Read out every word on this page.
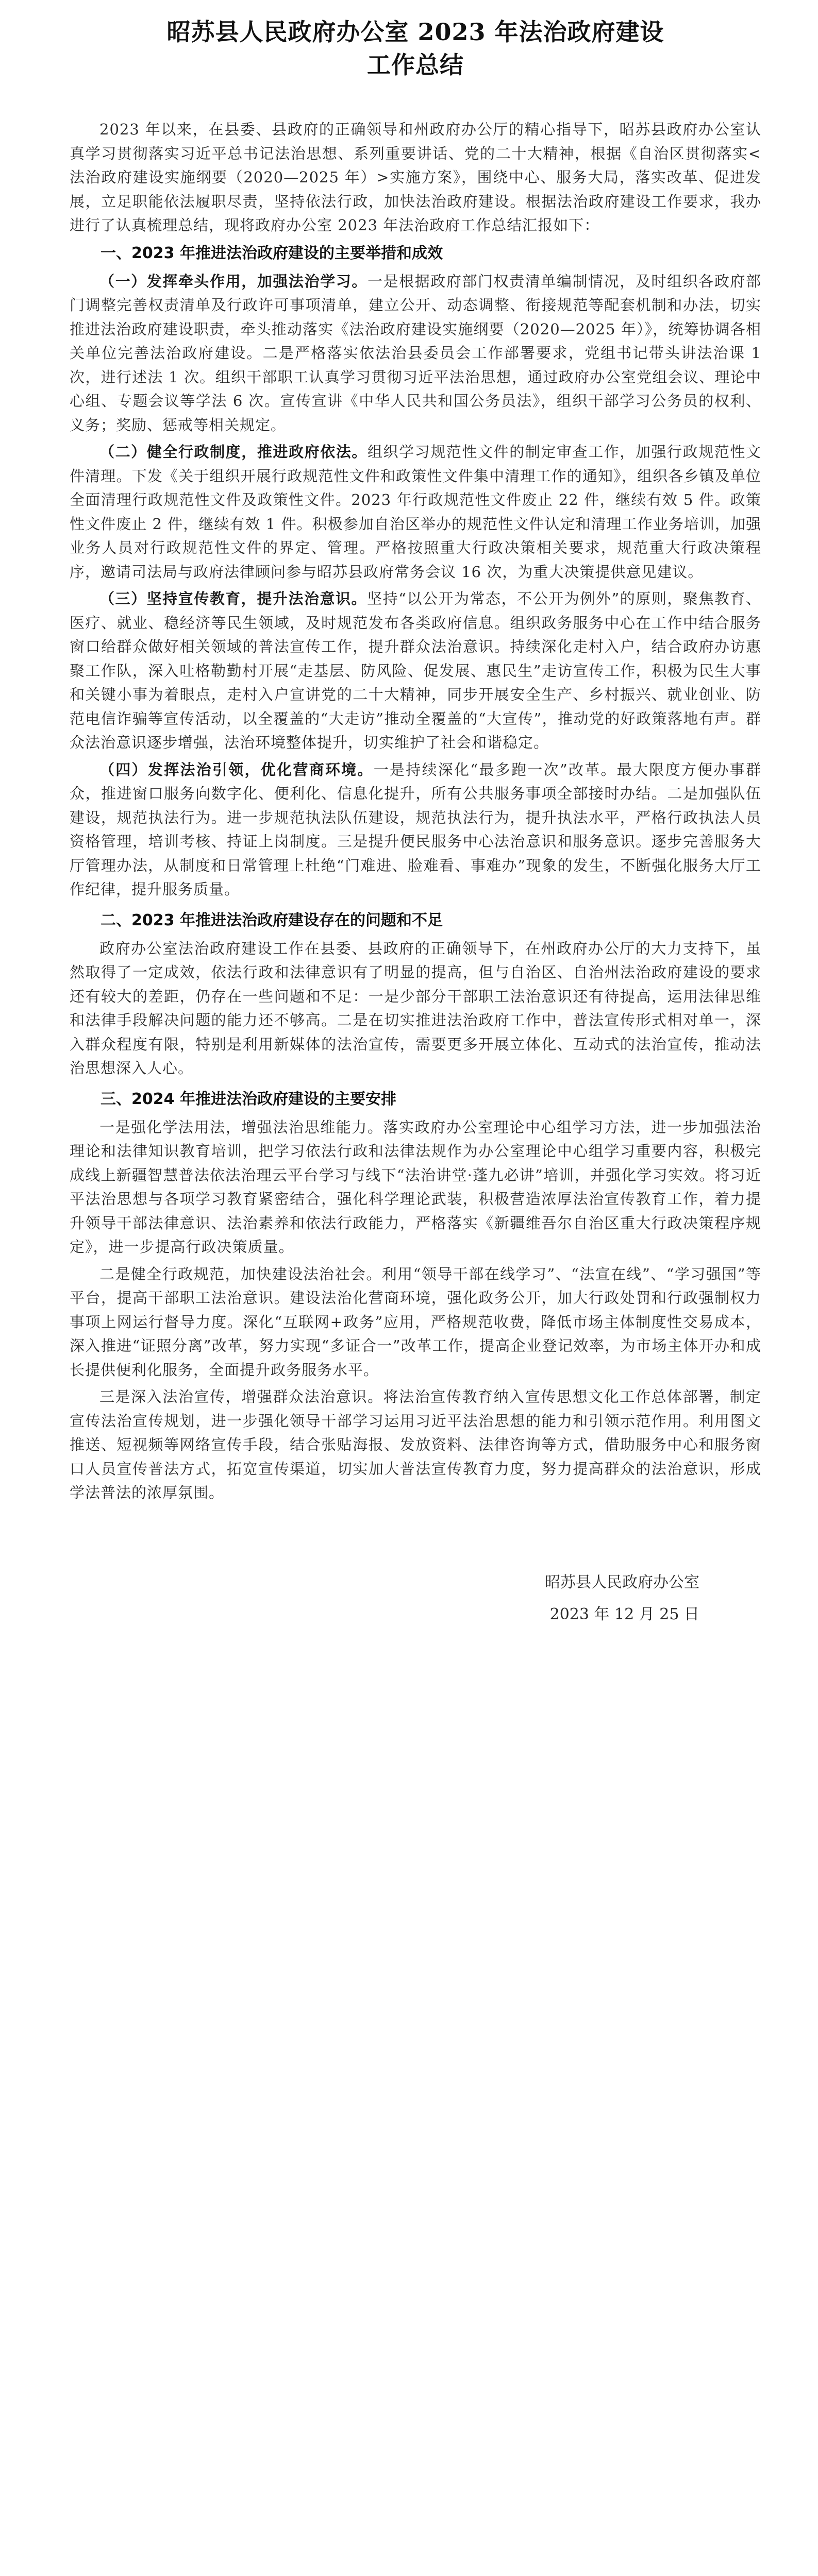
昭苏县人民政府办公室 2023 年法治政府建设
工作总结

2023 年以来，在县委、县政府的正确领导和州政府办公厅的精心指导下，昭苏县政府办公室认真学习贯彻落实习近平总书记法治思想、系列重要讲话、党的二十大精神，根据《自治区贯彻落实<法治政府建设实施纲要（2020—2025 年）>实施方案》，围绕中心、服务大局，落实改革、促进发展，立足职能依法履职尽责，坚持依法行政，加快法治政府建设。根据法治政府建设工作要求，我办进行了认真梳理总结，现将政府办公室 2023 年法治政府工作总结汇报如下：

一、2023 年推进法治政府建设的主要举措和成效

（一）发挥牵头作用，加强法治学习。一是根据政府部门权责清单编制情况，及时组织各政府部门调整完善权责清单及行政许可事项清单，建立公开、动态调整、衔接规范等配套机制和办法，切实推进法治政府建设职责，牵头推动落实《法治政府建设实施纲要（2020—2025 年）》，统筹协调各相关单位完善法治政府建设。二是严格落实依法治县委员会工作部署要求，党组书记带头讲法治课 1 次，进行述法 1 次。组织干部职工认真学习贯彻习近平法治思想，通过政府办公室党组会议、理论中心组、专题会议等学法 6 次。宣传宣讲《中华人民共和国公务员法》，组织干部学习公务员的权利、义务；奖励、惩戒等相关规定。

（二）健全行政制度，推进政府依法。组织学习规范性文件的制定审查工作，加强行政规范性文件清理。下发《关于组织开展行政规范性文件和政策性文件集中清理工作的通知》，组织各乡镇及单位全面清理行政规范性文件及政策性文件。2023 年行政规范性文件废止 22 件，继续有效 5 件。政策性文件废止 2 件，继续有效 1 件。积极参加自治区举办的规范性文件认定和清理工作业务培训，加强业务人员对行政规范性文件的界定、管理。严格按照重大行政决策相关要求，规范重大行政决策程序，邀请司法局与政府法律顾问参与昭苏县政府常务会议 16 次，为重大决策提供意见建议。

（三）坚持宣传教育，提升法治意识。坚持“以公开为常态，不公开为例外”的原则，聚焦教育、医疗、就业、稳经济等民生领域，及时规范发布各类政府信息。组织政务服务中心在工作中结合服务窗口给群众做好相关领域的普法宣传工作，提升群众法治意识。持续深化走村入户，结合政府办访惠聚工作队，深入吐格勒勤村开展“走基层、防风险、促发展、惠民生”走访宣传工作，积极为民生大事和关键小事为着眼点，走村入户宣讲党的二十大精神，同步开展安全生产、乡村振兴、就业创业、防范电信诈骗等宣传活动，以全覆盖的“大走访”推动全覆盖的“大宣传”，推动党的好政策落地有声。群众法治意识逐步增强，法治环境整体提升，切实维护了社会和谐稳定。

（四）发挥法治引领，优化营商环境。一是持续深化“最多跑一次”改革。最大限度方便办事群众，推进窗口服务向数字化、便利化、信息化提升，所有公共服务事项全部接时办结。二是加强队伍建设，规范执法行为。进一步规范执法队伍建设，规范执法行为，提升执法水平，严格行政执法人员资格管理，培训考核、持证上岗制度。三是提升便民服务中心法治意识和服务意识。逐步完善服务大厅管理办法，从制度和日常管理上杜绝“门难进、脸难看、事难办”现象的发生，不断强化服务大厅工作纪律，提升服务质量。

二、2023 年推进法治政府建设存在的问题和不足

政府办公室法治政府建设工作在县委、县政府的正确领导下，在州政府办公厅的大力支持下，虽然取得了一定成效，依法行政和法律意识有了明显的提高，但与自治区、自治州法治政府建设的要求还有较大的差距，仍存在一些问题和不足：一是少部分干部职工法治意识还有待提高，运用法律思维和法律手段解决问题的能力还不够高。二是在切实推进法治政府工作中，普法宣传形式相对单一，深入群众程度有限，特别是利用新媒体的法治宣传，需要更多开展立体化、互动式的法治宣传，推动法治思想深入人心。

三、2024 年推进法治政府建设的主要安排

一是强化学法用法，增强法治思维能力。落实政府办公室理论中心组学习方法，进一步加强法治理论和法律知识教育培训，把学习依法行政和法律法规作为办公室理论中心组学习重要内容，积极完成线上新疆智慧普法依法治理云平台学习与线下“法治讲堂·蓬九必讲”培训，并强化学习实效。将习近平法治思想与各项学习教育紧密结合，强化科学理论武装，积极营造浓厚法治宣传教育工作，着力提升领导干部法律意识、法治素养和依法行政能力，严格落实《新疆维吾尔自治区重大行政决策程序规定》，进一步提高行政决策质量。

二是健全行政规范，加快建设法治社会。利用“领导干部在线学习”、“法宣在线”、“学习强国”等平台，提高干部职工法治意识。建设法治化营商环境，强化政务公开，加大行政处罚和行政强制权力事项上网运行督导力度。深化“互联网+政务”应用，严格规范收费，降低市场主体制度性交易成本，深入推进“证照分离”改革，努力实现“多证合一”改革工作，提高企业登记效率，为市场主体开办和成长提供便利化服务，全面提升政务服务水平。

三是深入法治宣传，增强群众法治意识。将法治宣传教育纳入宣传思想文化工作总体部署，制定宣传法治宣传规划，进一步强化领导干部学习运用习近平法治思想的能力和引领示范作用。利用图文推送、短视频等网络宣传手段，结合张贴海报、发放资料、法律咨询等方式，借助服务中心和服务窗口人员宣传普法方式，拓宽宣传渠道，切实加大普法宣传教育力度，努力提高群众的法治意识，形成学法普法的浓厚氛围。

昭苏县人民政府办公室
2023 年 12 月 25 日
